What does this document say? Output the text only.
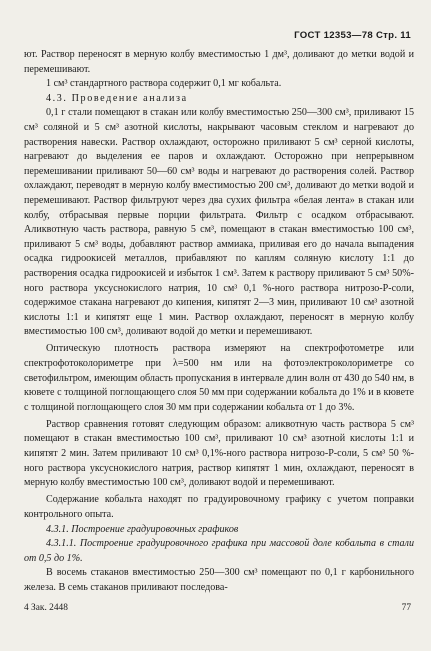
ГОСТ 12353—78 Стр. 11

ют. Раствор переносят в мерную колбу вместимостью 1 дм³, доливают до метки водой и перемешивают.

1 см³ стандартного раствора содержит 0,1 мг кобальта.

4.3. Проведение анализа

0,1 г стали помещают в стакан или колбу вместимостью 250—300 см³, приливают 15 см³ соляной и 5 см³ азотной кислоты, накрывают часовым стеклом и нагревают до растворения навески. Раствор охлаждают, осторожно приливают 5 см³ серной кислоты, нагревают до выделения ее паров и охлаждают. Осторожно при непрерывном перемешивании приливают 50—60 см³ воды и нагревают до растворения солей. Раствор охлаждают, переводят в мерную колбу вместимостью 200 см³, доливают до метки водой и перемешивают. Раствор фильтруют через два сухих фильтра «белая лента» в стакан или колбу, отбрасывая первые порции фильтрата. Фильтр с осадком отбрасывают. Аликвотную часть раствора, равную 5 см³, помещают в стакан вместимостью 100 см³, приливают 5 см³ воды, добавляют раствор аммиака, приливая его до начала выпадения осадка гидроокисей металлов, прибавляют по каплям соляную кислоту 1:1 до растворения осадка гидроокисей и избыток 1 см³. Затем к раствору приливают 5 см³ 50%-ного раствора уксуснокислого натрия, 10 см³ 0,1 %-ного раствора нитрозо-Р-соли, содержимое стакана нагревают до кипения, кипятят 2—3 мин, приливают 10 см³ азотной кислоты 1:1 и кипятят еще 1 мин. Раствор охлаждают, переносят в мерную колбу вместимостью 100 см³, доливают водой до метки и перемешивают.

Оптическую плотность раствора измеряют на спектрофотометре или спектрофотоколориметре при λ=500 нм или на фотоэлектроколориметре со светофильтром, имеющим область пропускания в интервале длин волн от 430 до 540 нм, в кювете с толщиной поглощающего слоя 50 мм при содержании кобальта до 1% и в кювете с толщиной поглощающего слоя 30 мм при содержании кобальта от 1 до 3%.

Раствор сравнения готовят следующим образом: аликвотную часть раствора 5 см³ помещают в стакан вместимостью 100 см³, приливают 10 см³ азотной кислоты 1:1 и кипятят 2 мин. Затем приливают 10 см³ 0,1%-ного раствора нитрозо-Р-соли, 5 см³ 50 %-ного раствора уксуснокислого натрия, раствор кипятят 1 мин, охлаждают, переносят в мерную колбу вместимостью 100 см³, доливают водой и перемешивают.

Содержание кобальта находят по градуировочному графику с учетом поправки контрольного опыта.

4.3.1. Построение градуировочных графиков

4.3.1.1. Построение градуировочного графика при массовой доле кобальта в стали от 0,5 до 1%.

В восемь стаканов вместимостью 250—300 см³ помещают по 0,1 г карбонильного железа. В семь стаканов приливают последова-

4 Зак. 2448	77
